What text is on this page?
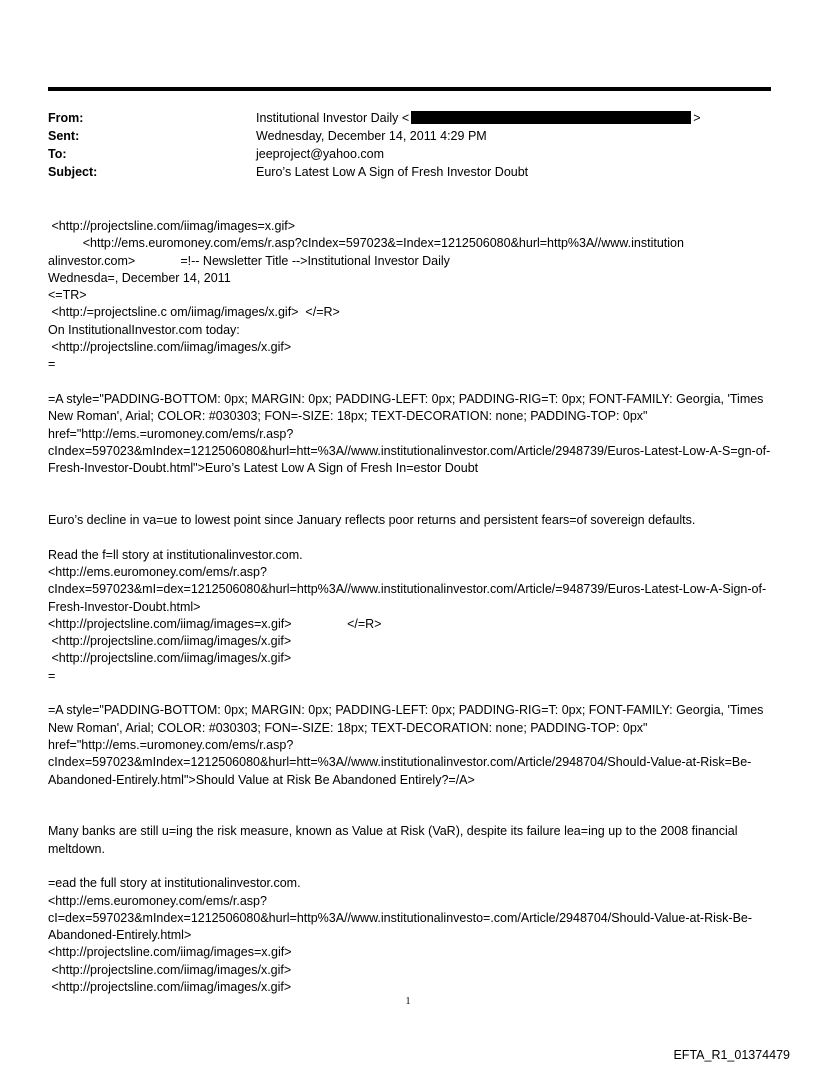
From:	Institutional Investor Daily <	>
Sent:	Wednesday, December 14, 2011 4:29 PM
To:	jeeproject@yahoo.com
Subject:	Euro’s Latest Low A Sign of Fresh Investor Doubt

<http://projectsline.com/iimag/images=x.gif>

<http://ems.euromoney.com/ems/r.asp?cIndex=597023&=Index=1212506080&hurl=http%3A//www.institution alinvestor.com>             =!-- Newsletter Title -->Institutional Investor Daily

Wednesda=, December 14, 2011

<=TR>

<http:/=projectsline.c om/iimag/images/x.gif>  </=R>

On InstitutionalInvestor.com today:

<http://projectsline.com/iimag/images/x.gif>

=

=A style="PADDING-BOTTOM: 0px; MARGIN: 0px; PADDING-LEFT: 0px; PADDING-RIG=T: 0px; FONT-FAMILY: Georgia, 'Times New Roman', Arial; COLOR: #030303; FON=-SIZE: 18px; TEXT-DECORATION: none; PADDING-TOP: 0px" href="http://ems.=uromoney.com/ems/r.asp?cIndex=597023&mIndex=1212506080&hurl=htt=%3A//www.institutionalinvestor.com/Article/2948739/Euros-Latest-Low-A-S=gn-of-Fresh-Investor-Doubt.html">Euro’s Latest Low A Sign of Fresh In=estor Doubt

Euro’s decline in va=ue to lowest point since January reflects poor returns and persistent fears=of sovereign defaults.

Read the f=ll story at institutionalinvestor.com.

<http://ems.euromoney.com/ems/r.asp?cIndex=597023&mI=dex=1212506080&hurl=http%3A//www.institutionalinvestor.com/Article/=948739/Euros-Latest-Low-A-Sign-of-Fresh-Investor-Doubt.html>

<http://projectsline.com/iimag/images=x.gif>                </=R>

<http://projectsline.com/iimag/images/x.gif>

<http://projectsline.com/iimag/images/x.gif>

=

=A style="PADDING-BOTTOM: 0px; MARGIN: 0px; PADDING-LEFT: 0px; PADDING-RIG=T: 0px; FONT-FAMILY: Georgia, 'Times New Roman', Arial; COLOR: #030303; FON=-SIZE: 18px; TEXT-DECORATION: none; PADDING-TOP: 0px" href="http://ems.=uromoney.com/ems/r.asp?cIndex=597023&mIndex=1212506080&hurl=htt=%3A//www.institutionalinvestor.com/Article/2948704/Should-Value-at-Risk=Be-Abandoned-Entirely.html">Should Value at Risk Be Abandoned Entirely?=/A>

Many banks are still u=ing the risk measure, known as Value at Risk (VaR), despite its failure lea=ing up to the 2008 financial meltdown.

=ead the full story at institutionalinvestor.com.

<http://ems.euromoney.com/ems/r.asp?cI=dex=597023&mIndex=1212506080&hurl=http%3A//www.institutionalinvesto=.com/Article/2948704/Should-Value-at-Risk-Be-Abandoned-Entirely.html>

<http://projectsline.com/iimag/images=x.gif>

<http://projectsline.com/iimag/images/x.gif>

<http://projectsline.com/iimag/images/x.gif>

1
EFTA_R1_01374479
